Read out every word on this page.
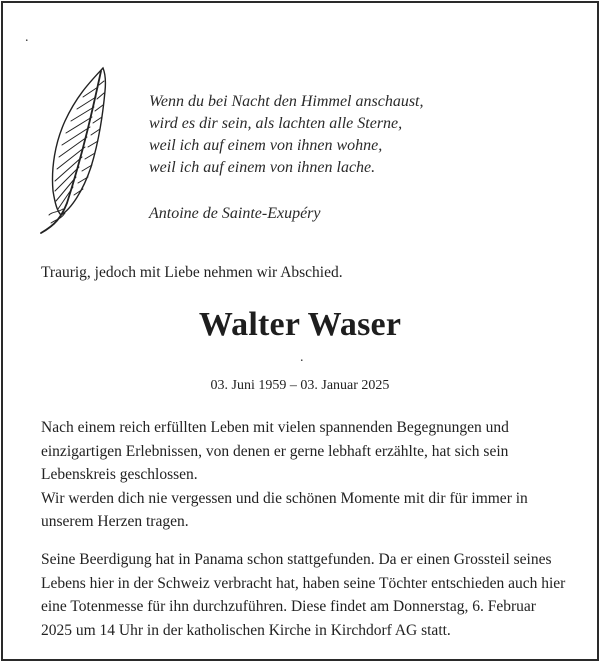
.
Wenn du bei Nacht den Himmel anschaust,
wird es dir sein, als lachten alle Sterne,
weil ich auf einem von ihnen wohne,
weil ich auf einem von ihnen lache.
Antoine de Sainte-Exupéry
Traurig, jedoch mit Liebe nehmen wir Abschied.
Walter Waser
.
03. Juni 1959 – 03. Januar 2025
Nach einem reich erfüllten Leben mit vielen spannenden Begegnungen und
einzigartigen Erlebnissen, von denen er gerne lebhaft erzählte, hat sich sein
Lebenskreis geschlossen.
Wir werden dich nie vergessen und die schönen Momente mit dir für immer in
unserem Herzen tragen.
Seine Beerdigung hat in Panama schon stattgefunden. Da er einen Grossteil seines
Lebens hier in der Schweiz verbracht hat, haben seine Töchter entschieden auch hier
eine Totenmesse für ihn durchzuführen. Diese findet am Donnerstag, 6. Februar
2025 um 14 Uhr in der katholischen Kirche in Kirchdorf AG statt.
